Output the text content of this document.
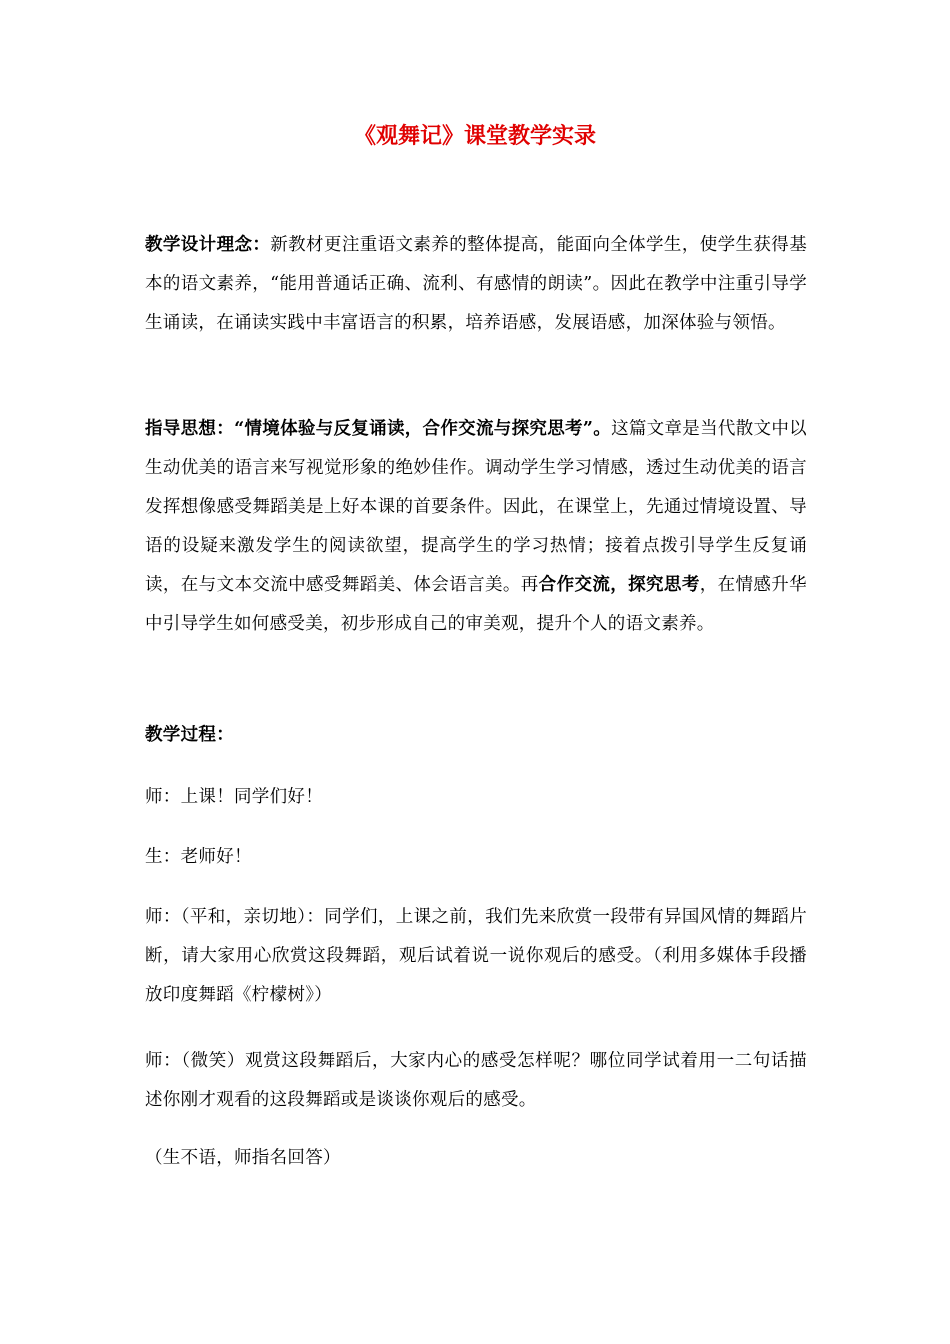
《观舞记》课堂教学实录

教学设计理念：新教材更注重语文素养的整体提高，能面向全体学生，使学生获得基本的语文素养，“能用普通话正确、流利、有感情的朗读”。因此在教学中注重引导学生诵读，在诵读实践中丰富语言的积累，培养语感，发展语感，加深体验与领悟。

指导思想：“情境体验与反复诵读，合作交流与探究思考”。这篇文章是当代散文中以生动优美的语言来写视觉形象的绝妙佳作。调动学生学习情感，透过生动优美的语言发挥想像感受舞蹈美是上好本课的首要条件。因此，在课堂上，先通过情境设置、导语的设疑来激发学生的阅读欲望，提高学生的学习热情；接着点拨引导学生反复诵读，在与文本交流中感受舞蹈美、体会语言美。再合作交流，探究思考，在情感升华中引导学生如何感受美，初步形成自己的审美观，提升个人的语文素养。

教学过程：

师：上课！同学们好！

生：老师好！

师：（平和，亲切地）：同学们，上课之前，我们先来欣赏一段带有异国风情的舞蹈片断，请大家用心欣赏这段舞蹈，观后试着说一说你观后的感受。（利用多媒体手段播放印度舞蹈《柠檬树》）

师：（微笑）观赏这段舞蹈后，大家内心的感受怎样呢？哪位同学试着用一二句话描述你刚才观看的这段舞蹈或是谈谈你观后的感受。

（生不语，师指名回答）
